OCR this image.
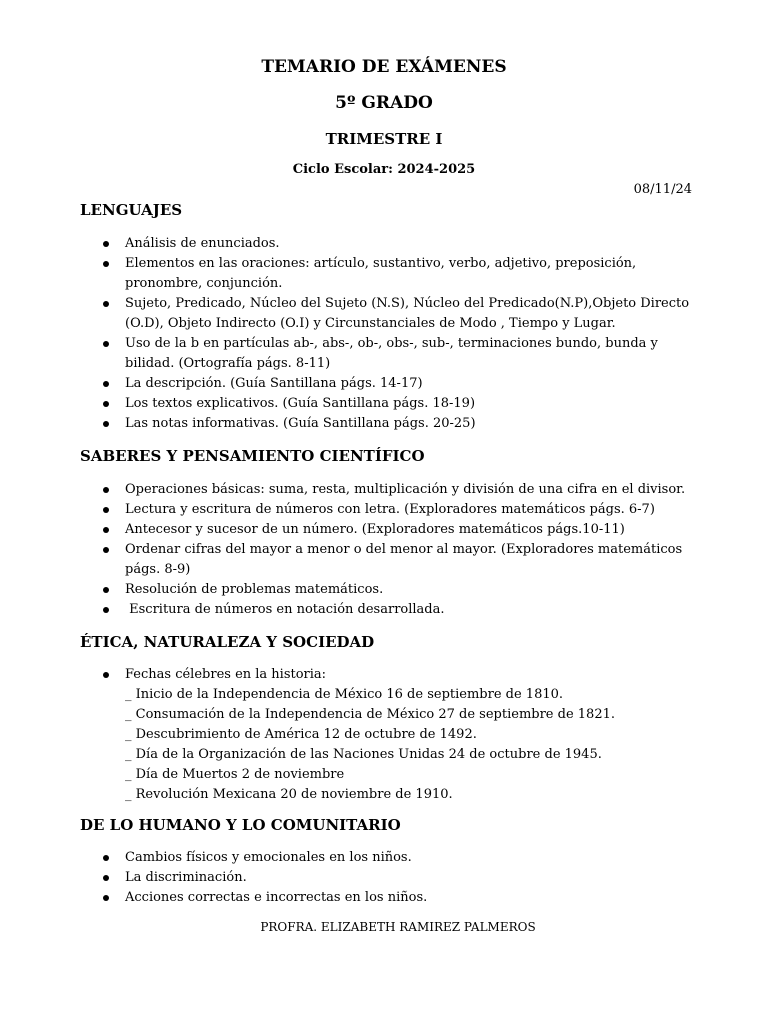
TEMARIO DE EXÁMENES
5º GRADO
TRIMESTRE I
Ciclo Escolar: 2024-2025
08/11/24
LENGUAJES
Análisis de enunciados.
Elementos en las oraciones: artículo, sustantivo, verbo, adjetivo, preposición, pronombre, conjunción.
Sujeto, Predicado, Núcleo del Sujeto (N.S), Núcleo del Predicado(N.P),Objeto Directo (O.D), Objeto Indirecto (O.I) y Circunstanciales de Modo , Tiempo y Lugar.
Uso de la b en partículas ab-, abs-, ob-, obs-, sub-, terminaciones bundo, bunda y bilidad. (Ortografía págs. 8-11)
La descripción. (Guía Santillana págs. 14-17)
Los textos explicativos. (Guía Santillana págs. 18-19)
Las notas informativas. (Guía Santillana págs. 20-25)
SABERES Y PENSAMIENTO CIENTÍFICO
Operaciones básicas: suma, resta, multiplicación y división de una cifra en el divisor.
Lectura y escritura de números con letra. (Exploradores matemáticos págs. 6-7)
Antecesor y sucesor de un número. (Exploradores matemáticos págs.10-11)
Ordenar cifras del mayor a menor o del menor al mayor. (Exploradores matemáticos págs. 8-9)
Resolución de problemas matemáticos.
Escritura de números en notación desarrollada.
ÉTICA, NATURALEZA Y SOCIEDAD
Fechas célebres en la historia:
_ Inicio de la Independencia de México 16 de septiembre de 1810.
_ Consumación de la Independencia de México 27 de septiembre de 1821.
_ Descubrimiento de América 12 de octubre de 1492.
_ Día de la Organización de las Naciones Unidas 24 de octubre de 1945.
_ Día de Muertos 2 de noviembre
_ Revolución Mexicana 20 de noviembre de 1910.
DE LO HUMANO Y LO COMUNITARIO
Cambios físicos y emocionales en los niños.
La discriminación.
Acciones correctas e incorrectas en los niños.
PROFRA. ELIZABETH RAMIREZ PALMEROS
